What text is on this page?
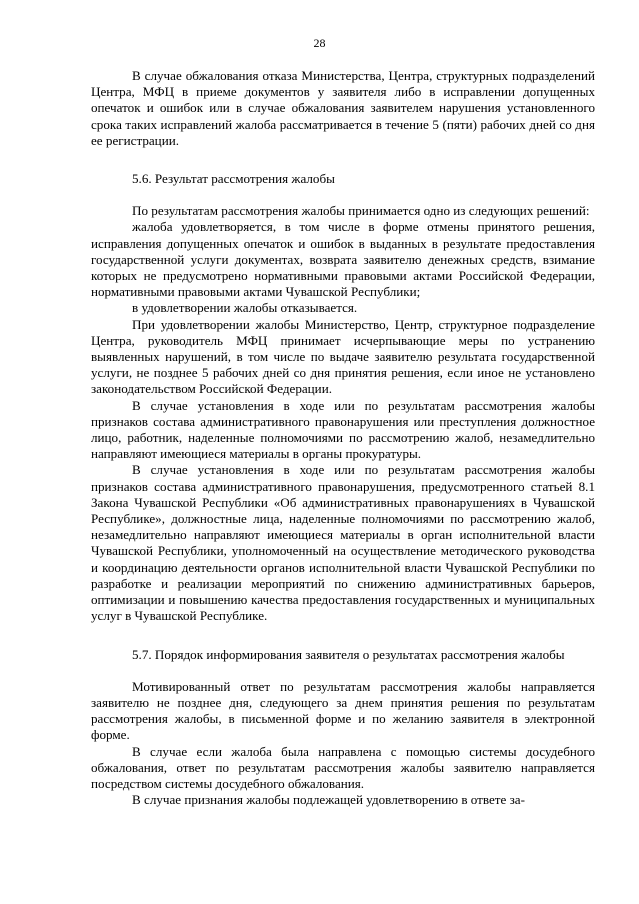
28

В случае обжалования отказа Министерства, Центра, структурных подразделений Центра, МФЦ в приеме документов у заявителя либо в исправлении допущенных опечаток и ошибок или в случае обжалования заявителем нарушения установленного срока таких исправлений жалоба рассматривается в течение 5 (пяти) рабочих дней со дня ее регистрации.

5.6. Результат рассмотрения жалобы

По результатам рассмотрения жалобы принимается одно из следующих решений:

жалоба удовлетворяется, в том числе в форме отмены принятого решения, исправления допущенных опечаток и ошибок в выданных в результате предоставления государственной услуги документах, возврата заявителю денежных средств, взимание которых не предусмотрено нормативными правовыми актами Российской Федерации, нормативными правовыми актами Чувашской Республики;

в удовлетворении жалобы отказывается.

При удовлетворении жалобы Министерство, Центр, структурное подразделение Центра, руководитель МФЦ принимает исчерпывающие меры по устранению выявленных нарушений, в том числе по выдаче заявителю результата государственной услуги, не позднее 5 рабочих дней со дня принятия решения, если иное не установлено законодательством Российской Федерации.

В случае установления в ходе или по результатам рассмотрения жалобы признаков состава административного правонарушения или преступления должностное лицо, работник, наделенные полномочиями по рассмотрению жалоб, незамедлительно направляют имеющиеся материалы в органы прокуратуры.

В случае установления в ходе или по результатам рассмотрения жалобы признаков состава административного правонарушения, предусмотренного статьей 8.1 Закона Чувашской Республики «Об административных правонарушениях в Чувашской Республике», должностные лица, наделенные полномочиями по рассмотрению жалоб, незамедлительно направляют имеющиеся материалы в орган исполнительной власти Чувашской Республики, уполномоченный на осуществление методического руководства и координацию деятельности органов исполнительной власти Чувашской Республики по разработке и реализации мероприятий по снижению административных барьеров, оптимизации и повышению качества предоставления государственных и муниципальных услуг в Чувашской Республике.

5.7. Порядок информирования заявителя о результатах рассмотрения жалобы

Мотивированный ответ по результатам рассмотрения жалобы направляется заявителю не позднее дня, следующего за днем принятия решения по результатам рассмотрения жалобы, в письменной форме и по желанию заявителя в электронной форме.

В случае если жалоба была направлена с помощью системы досудебного обжалования, ответ по результатам рассмотрения жалобы заявителю направляется посредством системы досудебного обжалования.

В случае признания жалобы подлежащей удовлетворению в ответе за-
